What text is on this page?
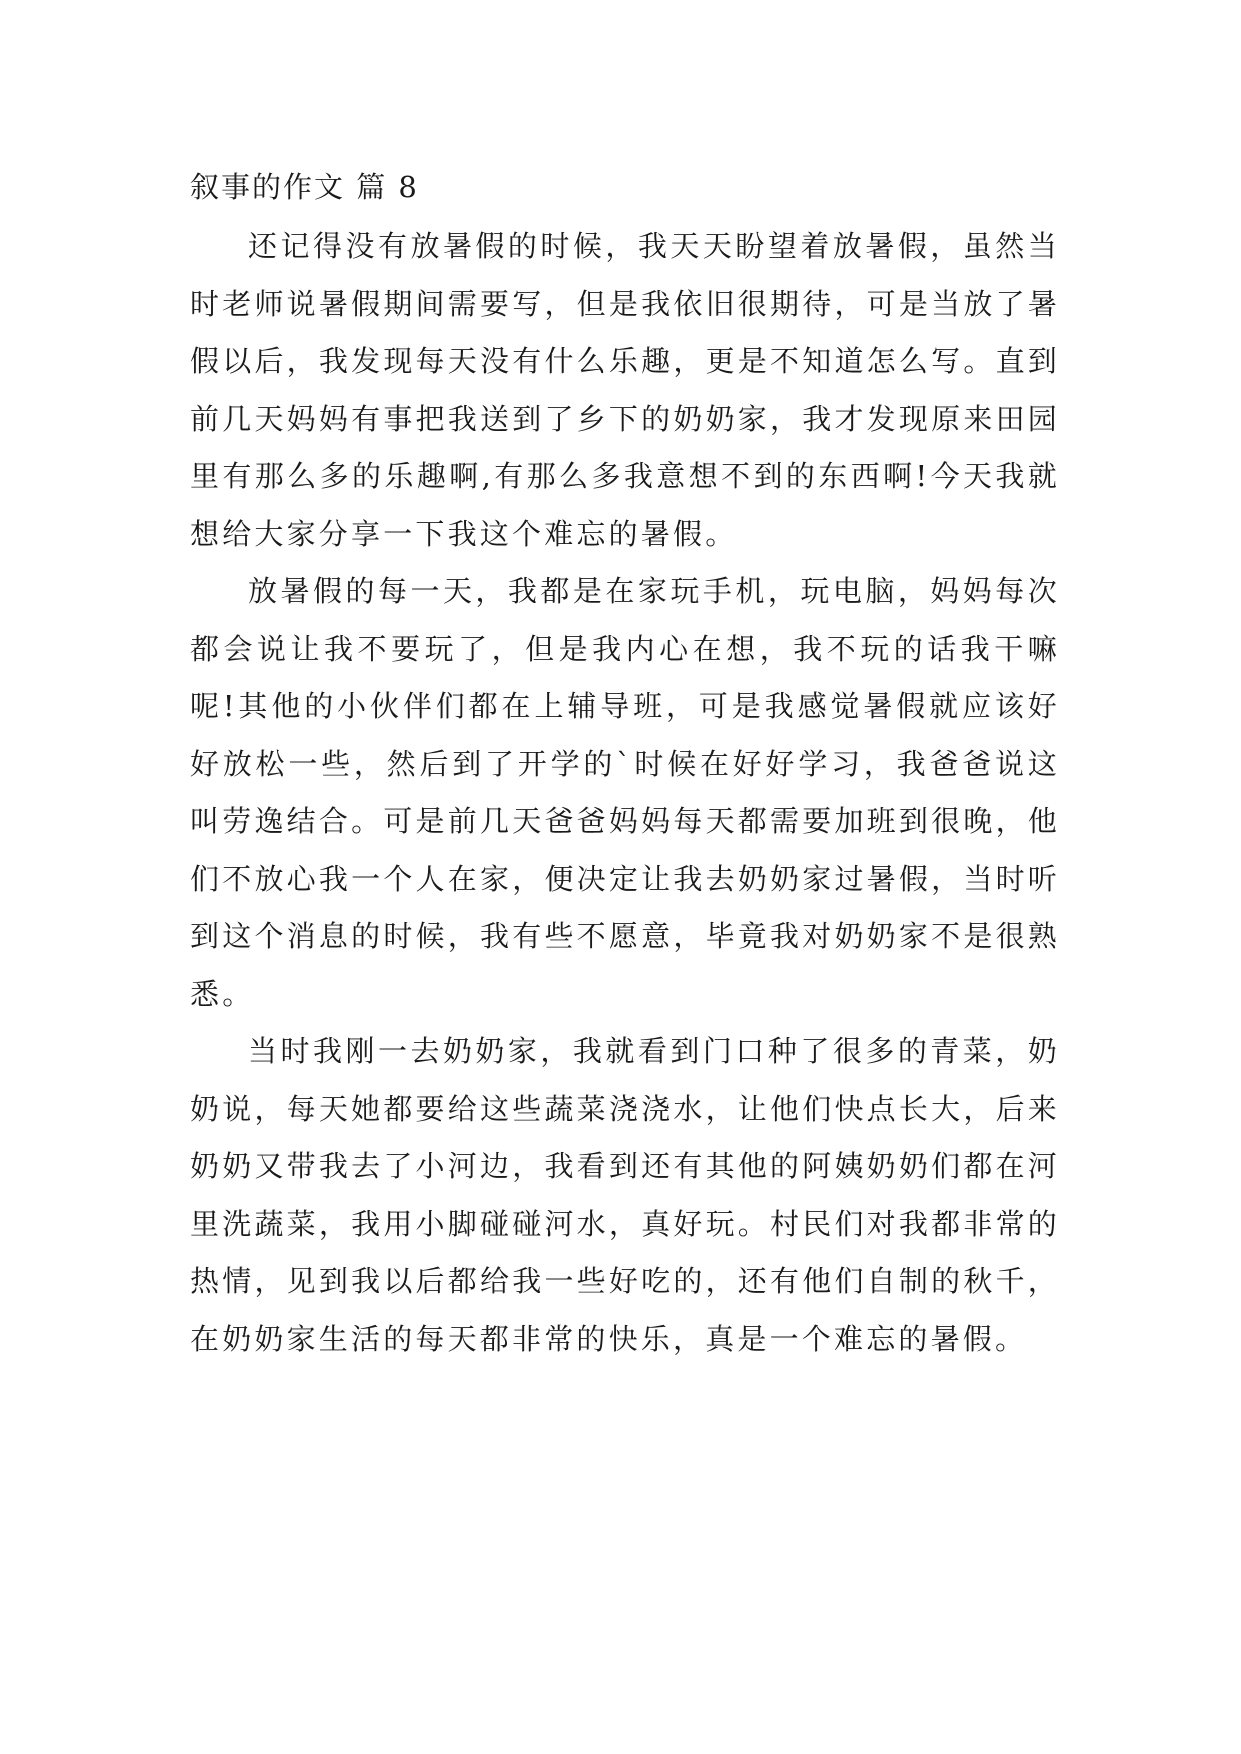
叙事的作文 篇 8

还记得没有放暑假的时候，我天天盼望着放暑假，虽然当时老师说暑假期间需要写，但是我依旧很期待，可是当放了暑假以后，我发现每天没有什么乐趣，更是不知道怎么写。直到前几天妈妈有事把我送到了乡下的奶奶家，我才发现原来田园里有那么多的乐趣啊,有那么多我意想不到的东西啊!今天我就想给大家分享一下我这个难忘的暑假。

放暑假的每一天，我都是在家玩手机，玩电脑，妈妈每次都会说让我不要玩了，但是我内心在想，我不玩的话我干嘛呢!其他的小伙伴们都在上辅导班，可是我感觉暑假就应该好好放松一些，然后到了开学的`时候在好好学习，我爸爸说这叫劳逸结合。可是前几天爸爸妈妈每天都需要加班到很晚，他们不放心我一个人在家，便决定让我去奶奶家过暑假，当时听到这个消息的时候，我有些不愿意，毕竟我对奶奶家不是很熟悉。

当时我刚一去奶奶家，我就看到门口种了很多的青菜，奶奶说，每天她都要给这些蔬菜浇浇水，让他们快点长大，后来奶奶又带我去了小河边，我看到还有其他的阿姨奶奶们都在河里洗蔬菜，我用小脚碰碰河水，真好玩。村民们对我都非常的热情，见到我以后都给我一些好吃的，还有他们自制的秋千，在奶奶家生活的每天都非常的快乐，真是一个难忘的暑假。
